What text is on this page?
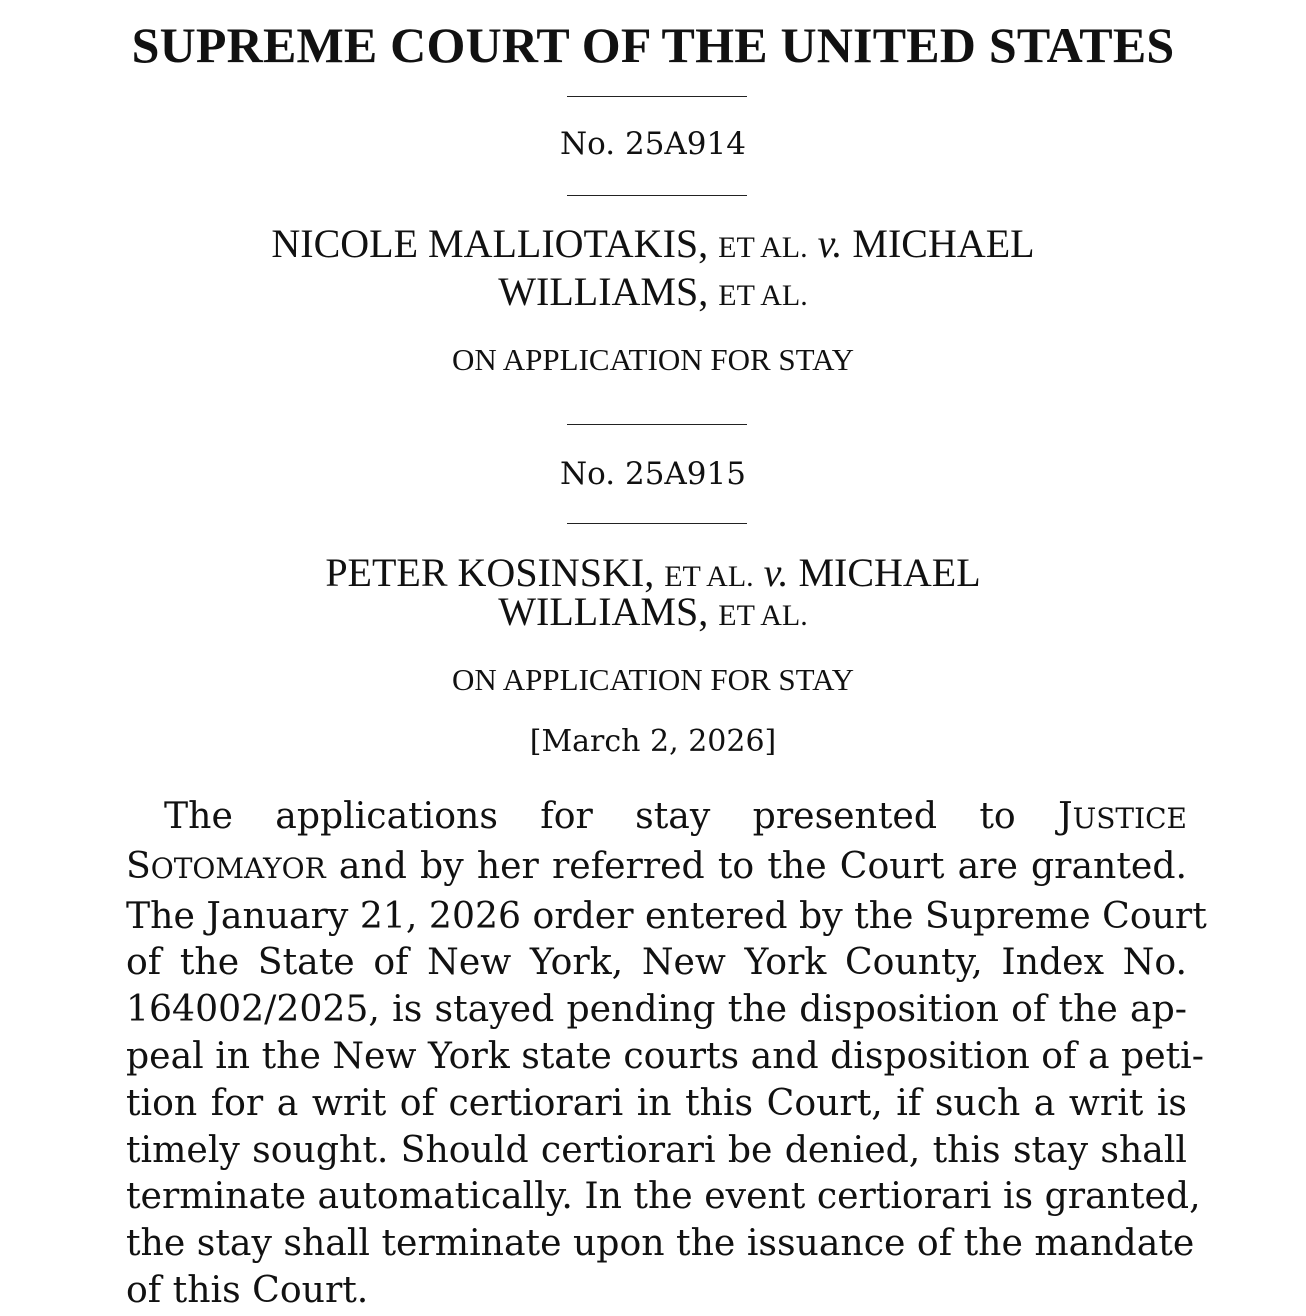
SUPREME COURT OF THE UNITED STATES
No. 25A914
NICOLE MALLIOTAKIS, ET AL. v. MICHAEL
WILLIAMS, ET AL.
ON APPLICATION FOR STAY
No. 25A915
PETER KOSINSKI, ET AL. v. MICHAEL
WILLIAMS, ET AL.
ON APPLICATION FOR STAY
[March 2, 2026]
The applications for stay presented to JUSTICE
SOTOMAYOR and by her referred to the Court are granted.
The January 21, 2026 order entered by the Supreme Court
of the State of New York, New York County, Index No.
164002/2025, is stayed pending the disposition of the ap-
peal in the New York state courts and disposition of a peti-
tion for a writ of certiorari in this Court, if such a writ is
timely sought. Should certiorari be denied, this stay shall
terminate automatically. In the event certiorari is granted,
the stay shall terminate upon the issuance of the mandate
of this Court.
